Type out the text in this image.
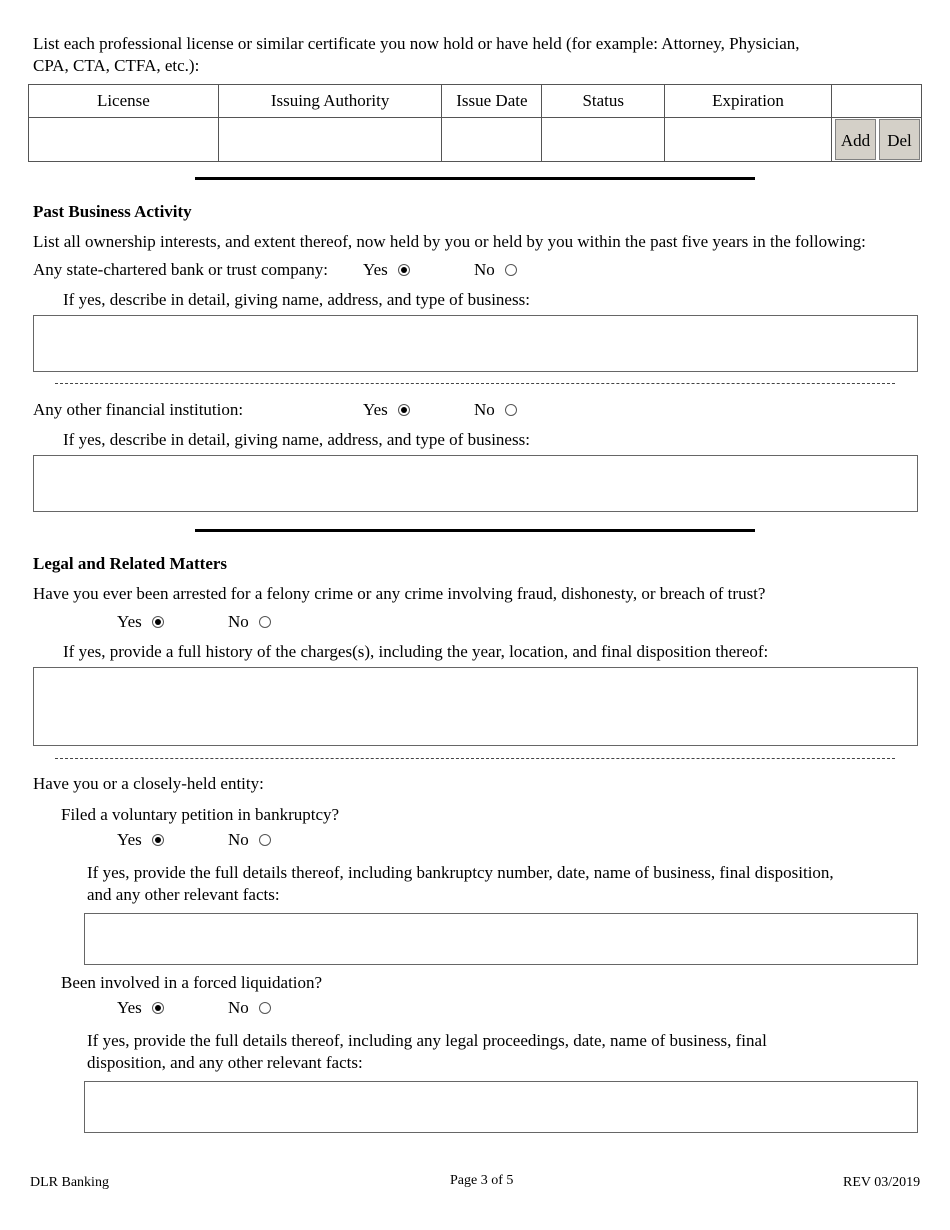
List each professional license or similar certificate you now hold or have held (for example: Attorney, Physician,
CPA, CTA, CTFA, etc.):
License	Issuing Authority	Issue Date	Status	Expiration	

					Add Del
Past Business Activity
List all ownership interests, and extent thereof, now held by you or held by you within the past five years in the following:
Any state-chartered bank or trust company: Yes	No
If yes, describe in detail, giving name, address, and type of business:
Any other financial institution:	Yes	No
If yes, describe in detail, giving name, address, and type of business:
Legal and Related Matters
Have you ever been arrested for a felony crime or any crime involving fraud, dishonesty, or breach of trust?
Yes	No
If yes, provide a full history of the charges(s), including the year, location, and final disposition thereof:
Have you or a closely-held entity:
Filed a voluntary petition in bankruptcy?
Yes	No
If yes, provide the full details thereof, including bankruptcy number, date, name of business, final disposition,
and any other relevant facts:
Been involved in a forced liquidation?
Yes	No
If yes, provide the full details thereof, including any legal proceedings, date, name of business, final
disposition, and any other relevant facts:
DLR Banking	Page 3 of 5	REV 03/2019
